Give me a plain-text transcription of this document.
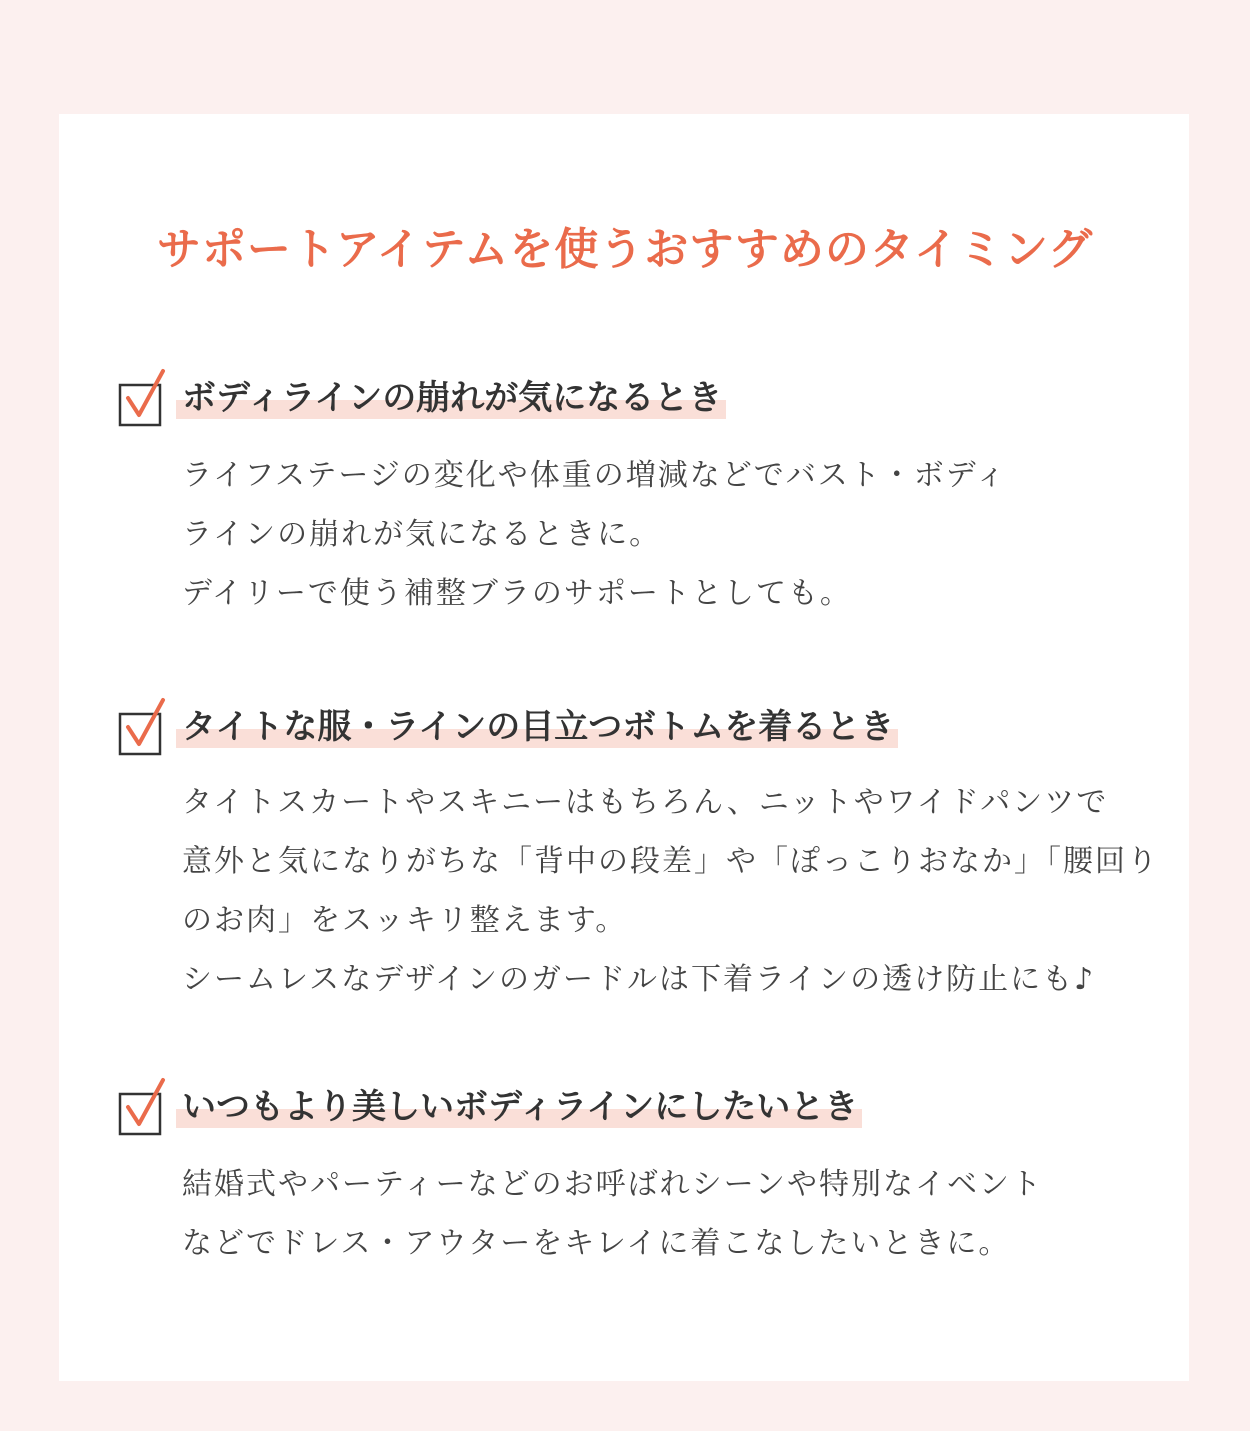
サポートアイテムを使うおすすめのタイミング
ボディラインの崩れが気になるとき

ライフステージの変化や体重の増減などでバスト・ボディ

ラインの崩れが気になるときに。

デイリーで使う補整ブラのサポートとしても。

タイトな服・ラインの目立つボトムを着るとき

タイトスカートやスキニーはもちろん、ニットやワイドパンツで

意外と気になりがちな「背中の段差」や「ぽっこりおなか」「腰回り

のお肉」をスッキリ整えます。

シームレスなデザインのガードルは下着ラインの透け防止にも♪

いつもより美しいボディラインにしたいとき

結婚式やパーティーなどのお呼ばれシーンや特別なイベント

などでドレス・アウターをキレイに着こなしたいときに。
